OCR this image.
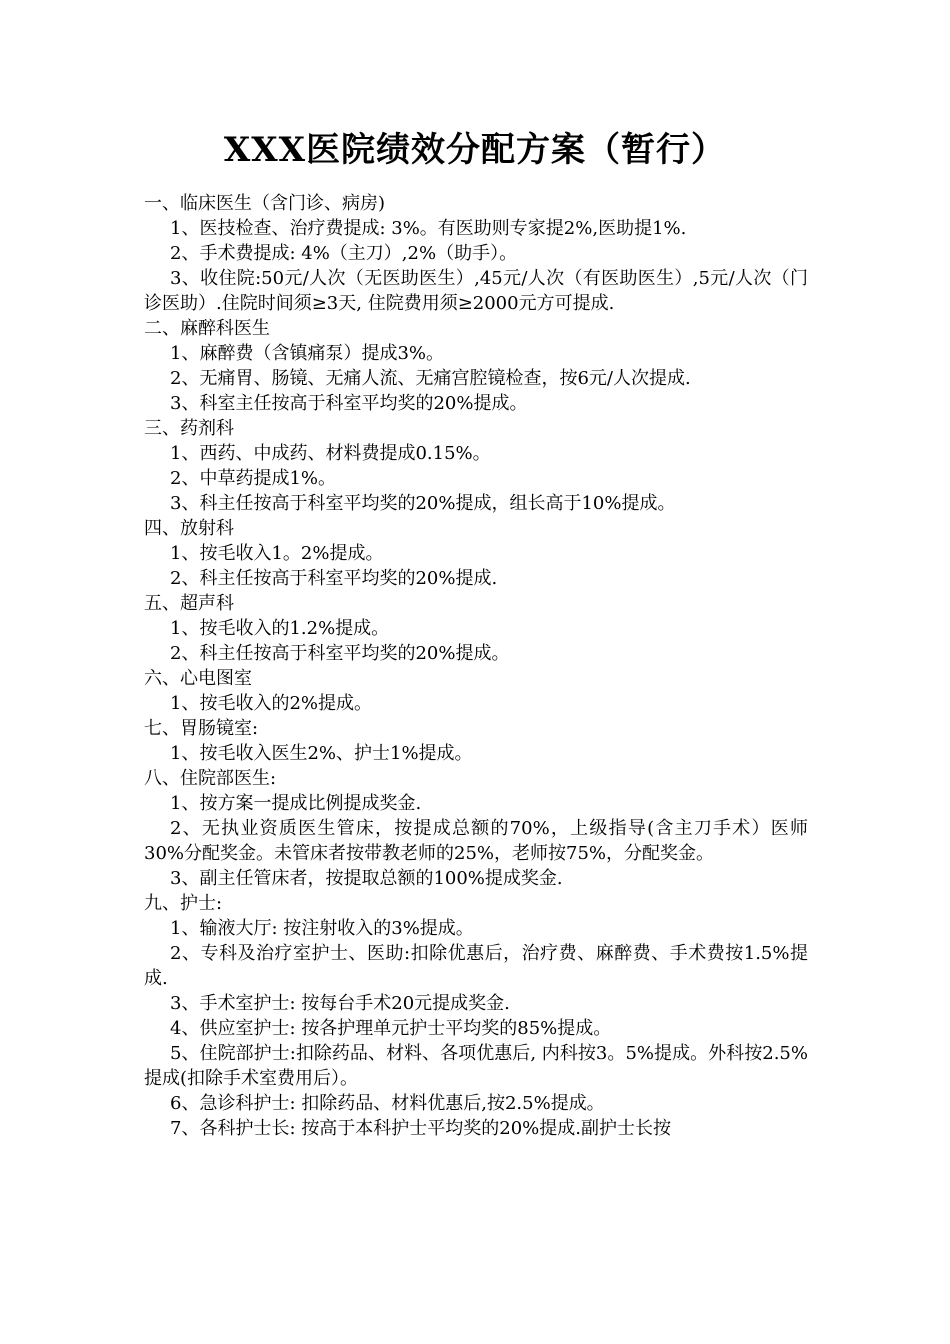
XXX医院绩效分配方案（暂行）

一、临床医生（含门诊、病房)

1、医技检查、治疗费提成: 3%。有医助则专家提2%,医助提1%.

2、手术费提成: 4%（主刀）,2%（助手）。

3、收住院:50元/人次（无医助医生）,45元/人次（有医助医生）,5元/人次（门诊医助）.住院时间须≥3天, 住院费用须≥2000元方可提成.

二、麻醉科医生

1、麻醉费（含镇痛泵）提成3%。

2、无痛胃、肠镜、无痛人流、无痛宫腔镜检查，按6元/人次提成.

3、科室主任按高于科室平均奖的20%提成。

三、药剂科

1、西药、中成药、材料费提成0.15%。

2、中草药提成1%。

3、科主任按高于科室平均奖的20%提成，组长高于10%提成。

四、放射科

1、按毛收入1。2%提成。

2、科主任按高于科室平均奖的20%提成.

五、超声科

1、按毛收入的1.2%提成。

2、科主任按高于科室平均奖的20%提成。

六、心电图室

1、按毛收入的2%提成。

七、胃肠镜室:

1、按毛收入医生2%、护士1%提成。

八、住院部医生:

1、按方案一提成比例提成奖金.

2、无执业资质医生管床，按提成总额的70%，上级指导(含主刀手术）医师30%分配奖金。未管床者按带教老师的25%，老师按75%，分配奖金。

3、副主任管床者，按提取总额的100%提成奖金.

九、护士:

1、输液大厅: 按注射收入的3%提成。

2、专科及治疗室护士、医助:扣除优惠后，治疗费、麻醉费、手术费按1.5%提成.

3、手术室护士: 按每台手术20元提成奖金.

4、供应室护士: 按各护理单元护士平均奖的85%提成。

5、住院部护士:扣除药品、材料、各项优惠后, 内科按3。5%提成。外科按2.5%提成(扣除手术室费用后）。

6、急诊科护士: 扣除药品、材料优惠后,按2.5%提成。

7、各科护士长: 按高于本科护士平均奖的20%提成.副护士长按
